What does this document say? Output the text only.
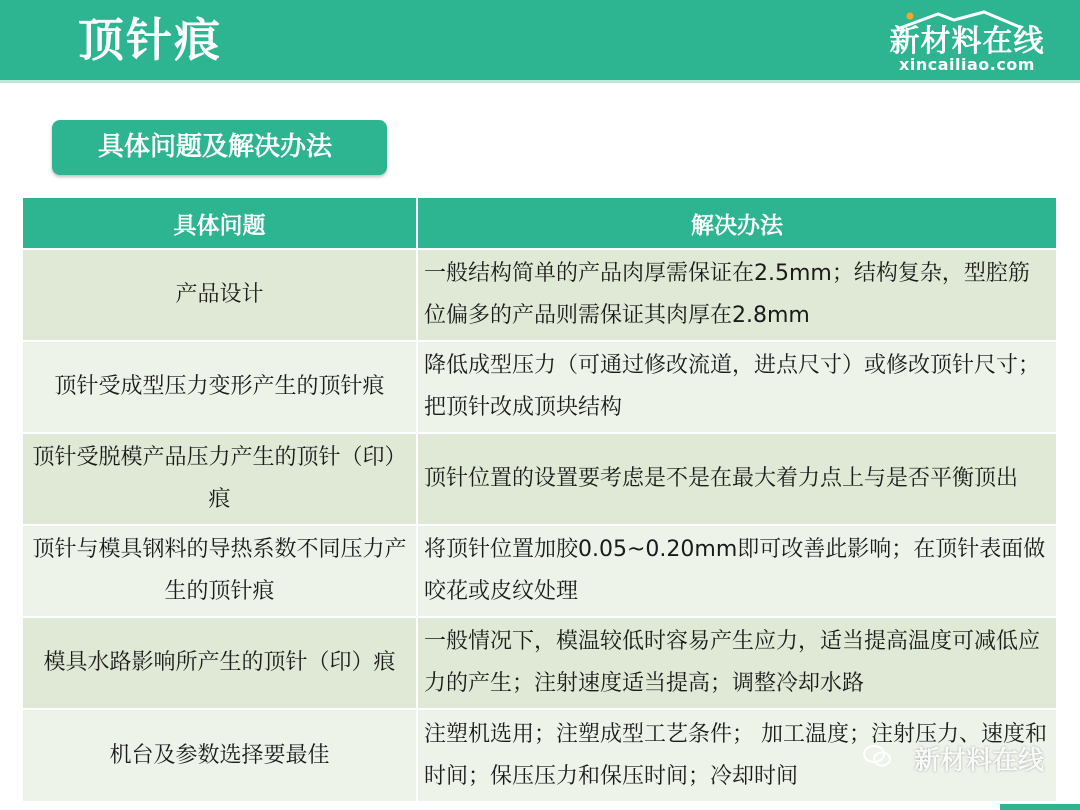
顶针痕	新材料在线
xincailiao.com
具体问题及解决办法
具体问题	解决办法
产品设计	一般结构简单的产品肉厚需保证在2.5mm；结构复杂，型腔筋位偏多的产品则需保证其肉厚在2.8mm
顶针受成型压力变形产生的顶针痕	降低成型压力（可通过修改流道，进点尺寸）或修改顶针尺寸；把顶针改成顶块结构
顶针受脱模产品压力产生的顶针（印）痕	顶针位置的设置要考虑是不是在最大着力点上与是否平衡顶出
顶针与模具钢料的导热系数不同压力产生的顶针痕	将顶针位置加胶0.05~0.20mm即可改善此影响；在顶针表面做咬花或皮纹处理
模具水路影响所产生的顶针（印）痕	一般情况下，模温较低时容易产生应力，适当提高温度可减低应力的产生；注射速度适当提高；调整冷却水路
机台及参数选择要最佳	注塑机选用；注塑成型工艺条件； 加工温度；注射压力、速度和时间；保压压力和保压时间；冷却时间	新材料在线
